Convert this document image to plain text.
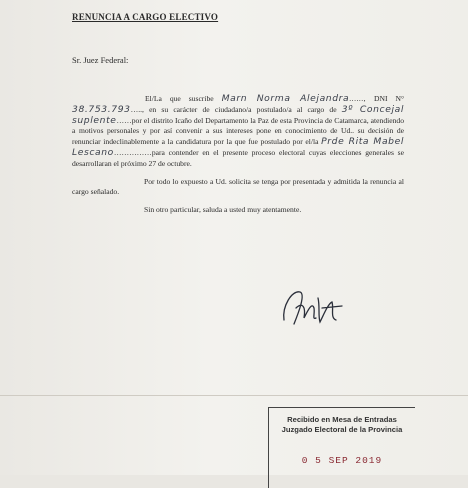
RENUNCIA A CARGO ELECTIVO
Sr. Juez Federal:

El/La que suscribe Marn Norma Alejandra......, DNI N° 38.753.793….., en su carácter de ciudadano/a postulado/a al cargo de 3º Concejal suplente……por el distrito Icaño del Departamento la Paz de esta Provincia de Catamarca, atendiendo a motivos personales y por así convenir a sus intereses pone en conocimiento de Ud.. su decisión de renunciar indeclinablemente a la candidatura por la que fue postulado por el/la Prde Rita Mabel Lescano……………para contender en el presente proceso electoral cuyas elecciones generales se desarrollaran el próximo 27 de octubre.

Por todo lo expuesto a Ud. solicita se tenga por presentada y admitida la renuncia al cargo señalado.

Sin otro particular, saluda a usted muy atentamente.

Recibido en Mesa de Entradas
Juzgado Electoral de la Provincia
0 5 SEP 2019
